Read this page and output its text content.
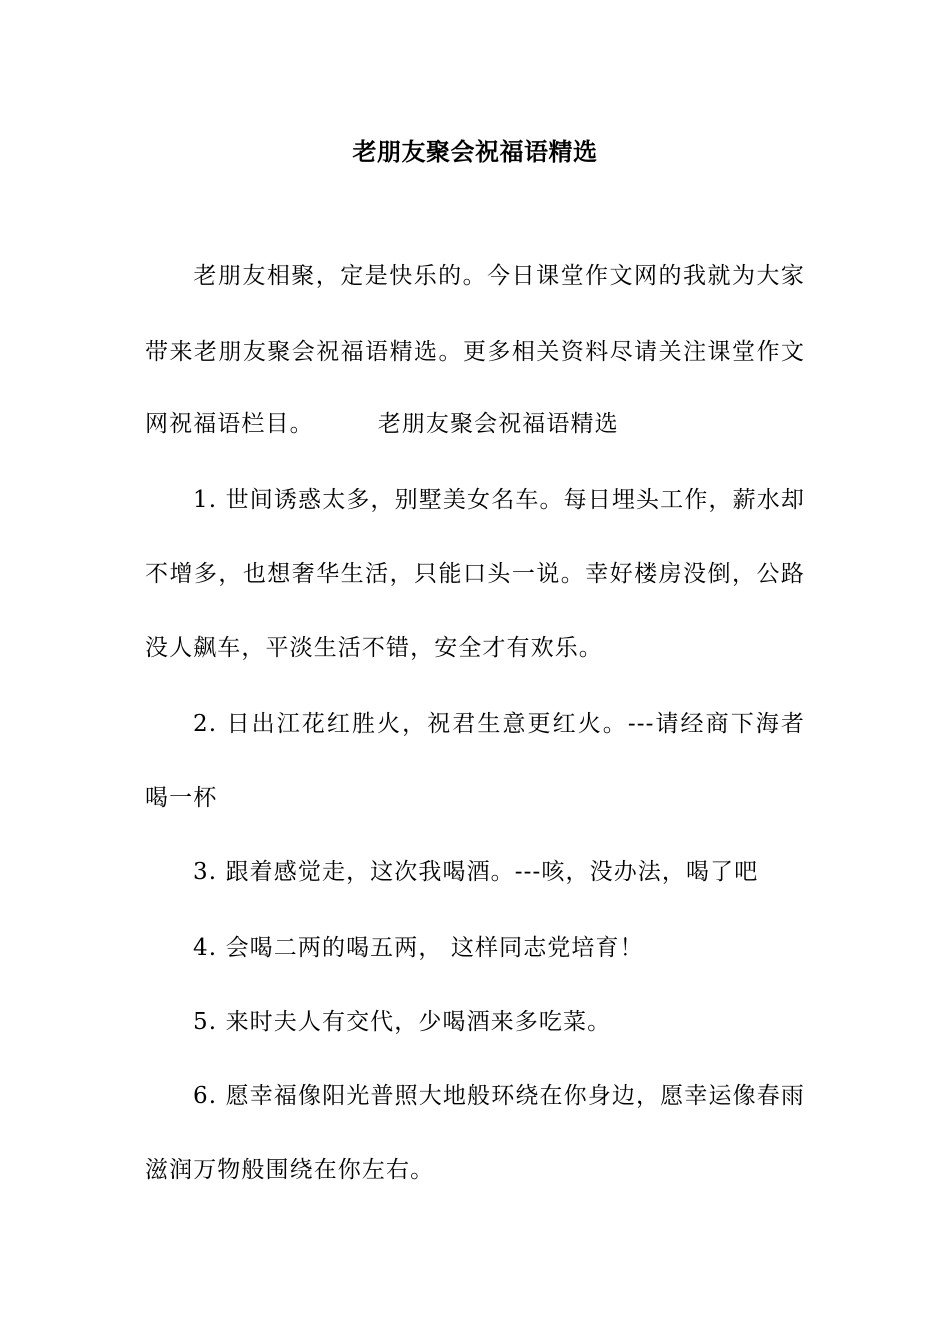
老朋友聚会祝福语精选
老朋友相聚，定是快乐的。今日课堂作文网的我就为大家
带来老朋友聚会祝福语精选。更多相关资料尽请关注课堂作文
网祝福语栏目。	老朋友聚会祝福语精选
1. 世间诱惑太多，别墅美女名车。每日埋头工作，薪水却
不增多，也想奢华生活，只能口头一说。幸好楼房没倒，公路
没人飙车，平淡生活不错，安全才有欢乐。
2. 日出江花红胜火，祝君生意更红火。---请经商下海者
喝一杯
3. 跟着感觉走，这次我喝酒。---咳，没办法，喝了吧
4. 会喝二两的喝五两， 这样同志党培育！
5. 来时夫人有交代，少喝酒来多吃菜。
6. 愿幸福像阳光普照大地般环绕在你身边，愿幸运像春雨
滋润万物般围绕在你左右。
